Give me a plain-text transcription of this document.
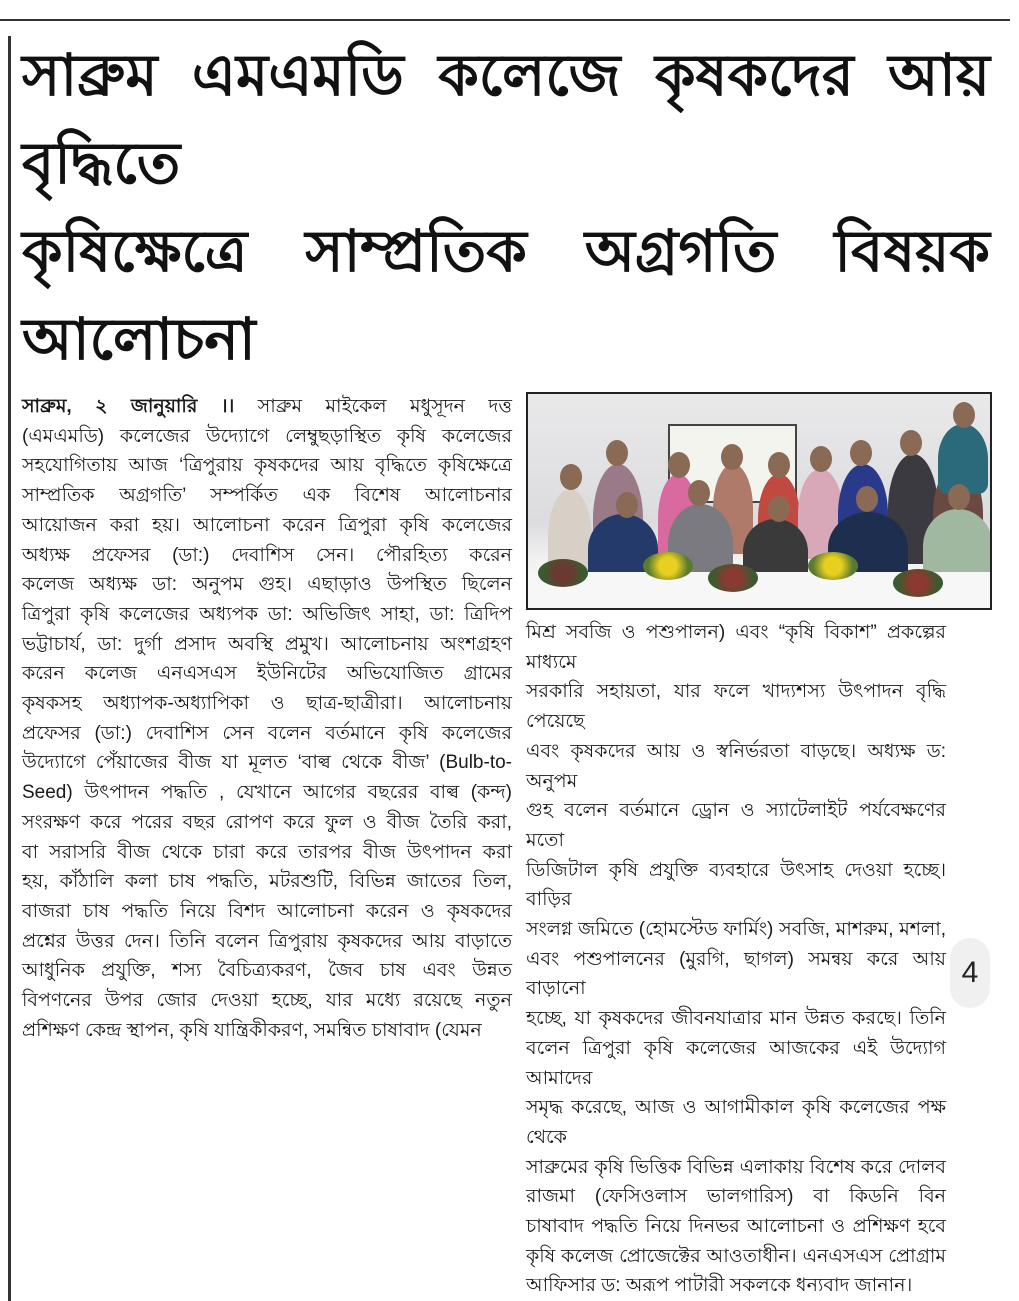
সাব্রুম এমএমডি কলেজে কৃষকদের আয় বৃদ্ধিতে
কৃষিক্ষেত্রে সাম্প্রতিক অগ্রগতি বিষয়ক আলোচনা
সাব্রুম, ২ জানুয়ারি ।। সাব্রুম মাইকেল মধুসূদন দত্ত
(এমএমডি) কলেজের উদ্যোগে লেম্বুছড়াস্থিত কৃষি কলেজের
সহযোগিতায় আজ ‘ত্রিপুরায় কৃষকদের আয় বৃদ্ধিতে কৃষিক্ষেত্রে
সাম্প্রতিক অগ্রগতি’ সম্পর্কিত এক বিশেষ আলোচনার
আয়োজন করা হয়। আলোচনা করেন ত্রিপুরা কৃষি কলেজের
অধ্যক্ষ প্রফেসর (ডা:) দেবাশিস সেন। পৌরহিত্য করেন
কলেজ অধ্যক্ষ ডা: অনুপম গুহ। এছাড়াও উপস্থিত ছিলেন
ত্রিপুরা কৃষি কলেজের অধ্যপক ডা: অভিজিৎ সাহা, ডা: ত্রিদিপ
ভট্টাচার্য, ডা: দুর্গা প্রসাদ অবস্থি প্রমুখ। আলোচনায় অংশগ্রহণ
করেন কলেজ এনএসএস ইউনিটের অভিযোজিত গ্রামের
কৃষকসহ অধ্যাপক-অধ্যাপিকা ও ছাত্র-ছাত্রীরা। আলোচনায়
প্রফেসর (ডা:) দেবাশিস সেন বলেন বর্তমানে কৃষি কলেজের
উদ্যোগে পেঁয়াজের বীজ যা মূলত ‘বাল্ব থেকে বীজ’ (Bulb-to-
Seed) উৎপাদন পদ্ধতি , যেখানে আগের বছরের বাল্ব (কন্দ)
সংরক্ষণ করে পরের বছর রোপণ করে ফুল ও বীজ তৈরি করা,
বা সরাসরি বীজ থেকে চারা করে তারপর বীজ উৎপাদন করা
হয়, কাঁঠালি কলা চাষ পদ্ধতি, মটরশুটি, বিভিন্ন জাতের তিল,
বাজরা চাষ পদ্ধতি নিয়ে বিশদ আলোচনা করেন ও কৃষকদের
প্রশ্নের উত্তর দেন। তিনি বলেন ত্রিপুরায় কৃষকদের আয় বাড়াতে
আধুনিক প্রযুক্তি, শস্য বৈচিত্র্যকরণ, জৈব চাষ এবং উন্নত
বিপণনের উপর জোর দেওয়া হচ্ছে, যার মধ্যে রয়েছে নতুন
প্রশিক্ষণ কেন্দ্র স্থাপন, কৃষি যান্ত্রিকীকরণ, সমন্বিত চাষাবাদ (যেমন
মিশ্র সবজি ও পশুপালন) এবং “কৃষি বিকাশ” প্রকল্পের মাধ্যমে
সরকারি সহায়তা, যার ফলে খাদ্যশস্য উৎপাদন বৃদ্ধি পেয়েছে
এবং কৃষকদের আয় ও স্বনির্ভরতা বাড়ছে। অধ্যক্ষ ড: অনুপম
গুহ বলেন বর্তমানে ড্রোন ও স্যাটেলাইট পর্যবেক্ষণের মতো
ডিজিটাল কৃষি প্রযুক্তি ব্যবহারে উৎসাহ দেওয়া হচ্ছে। বাড়ির
সংলগ্ন জমিতে (হোমস্টেড ফার্মিং) সবজি, মাশরুম, মশলা,
এবং পশুপালনের (মুরগি, ছাগল) সমন্বয় করে আয় বাড়ানো
হচ্ছে, যা কৃষকদের জীবনযাত্রার মান উন্নত করছে। তিনি
বলেন ত্রিপুরা কৃষি কলেজের আজকের এই উদ্যোগ আমাদের
সমৃদ্ধ করেছে, আজ ও আগামীকাল কৃষি কলেজের পক্ষ থেকে
সাব্রুমের কৃষি ভিত্তিক বিভিন্ন এলাকায় বিশেষ করে দোলব
রাজমা (ফেসিওলাস ভালগারিস) বা কিডনি বিন
চাষাবাদ পদ্ধতি নিয়ে দিনভর আলোচনা ও প্রশিক্ষণ হবে
কৃষি কলেজ প্রোজেক্টের আওতাধীন। এনএসএস প্রোগ্রাম
আফিসার ড: অরূপ পাটারী সকলকে ধন্যবাদ জানান।
4
